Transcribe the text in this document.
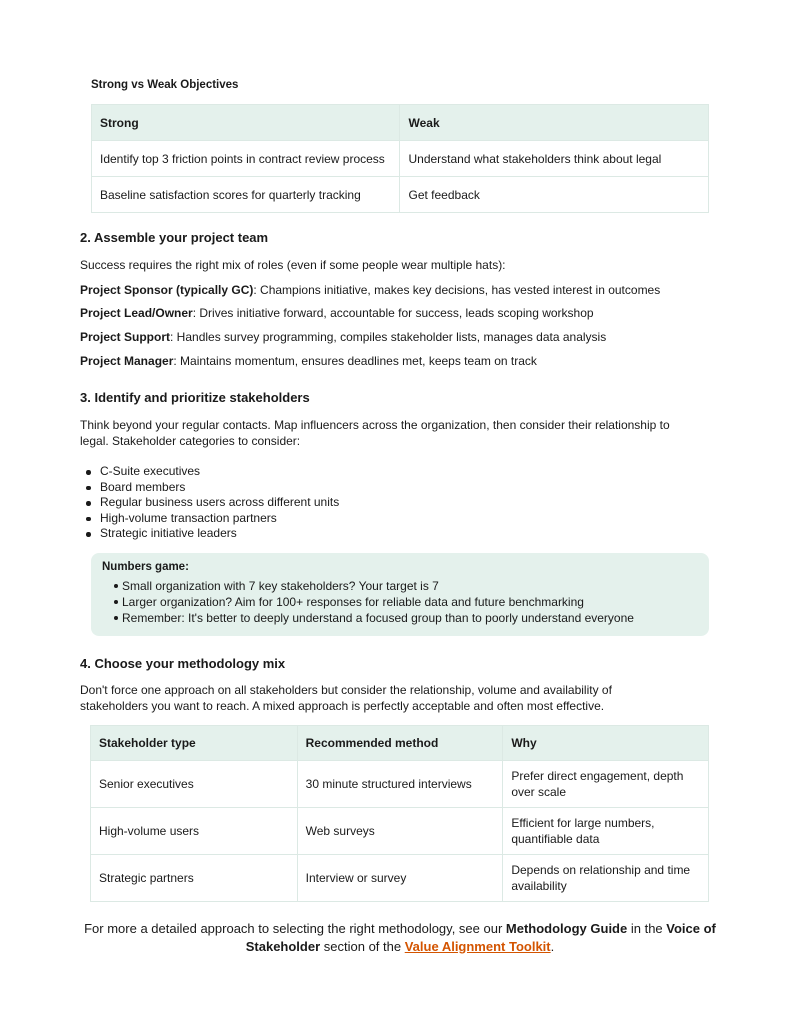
Strong vs Weak Objectives
Strong	Weak
Identify top 3 friction points in contract review process	Understand what stakeholders think about legal
Baseline satisfaction scores for quarterly tracking	Get feedback
2. Assemble your project team
Success requires the right mix of roles (even if some people wear multiple hats):
Project Sponsor (typically GC): Champions initiative, makes key decisions, has vested interest in outcomes
Project Lead/Owner: Drives initiative forward, accountable for success, leads scoping workshop
Project Support: Handles survey programming, compiles stakeholder lists, manages data analysis
Project Manager: Maintains momentum, ensures deadlines met, keeps team on track
3. Identify and prioritize stakeholders
Think beyond your regular contacts. Map influencers across the organization, then consider their relationship to
legal. Stakeholder categories to consider:
C-Suite executives
Board members
Regular business users across different units
High-volume transaction partners
Strategic initiative leaders
Numbers game:
Small organization with 7 key stakeholders? Your target is 7
Larger organization? Aim for 100+ responses for reliable data and future benchmarking
Remember: It's better to deeply understand a focused group than to poorly understand everyone
4. Choose your methodology mix
Don't force one approach on all stakeholders but consider the relationship, volume and availability of
stakeholders you want to reach. A mixed approach is perfectly acceptable and often most effective.
Stakeholder type	Recommended method	Why
Senior executives	30 minute structured interviews	Prefer direct engagement, depth over scale
High-volume users	Web surveys	Efficient for large numbers, quantifiable data
Strategic partners	Interview or survey	Depends on relationship and time availability
For more a detailed approach to selecting the right methodology, see our Methodology Guide in the Voice of Stakeholder section of the Value Alignment Toolkit.
